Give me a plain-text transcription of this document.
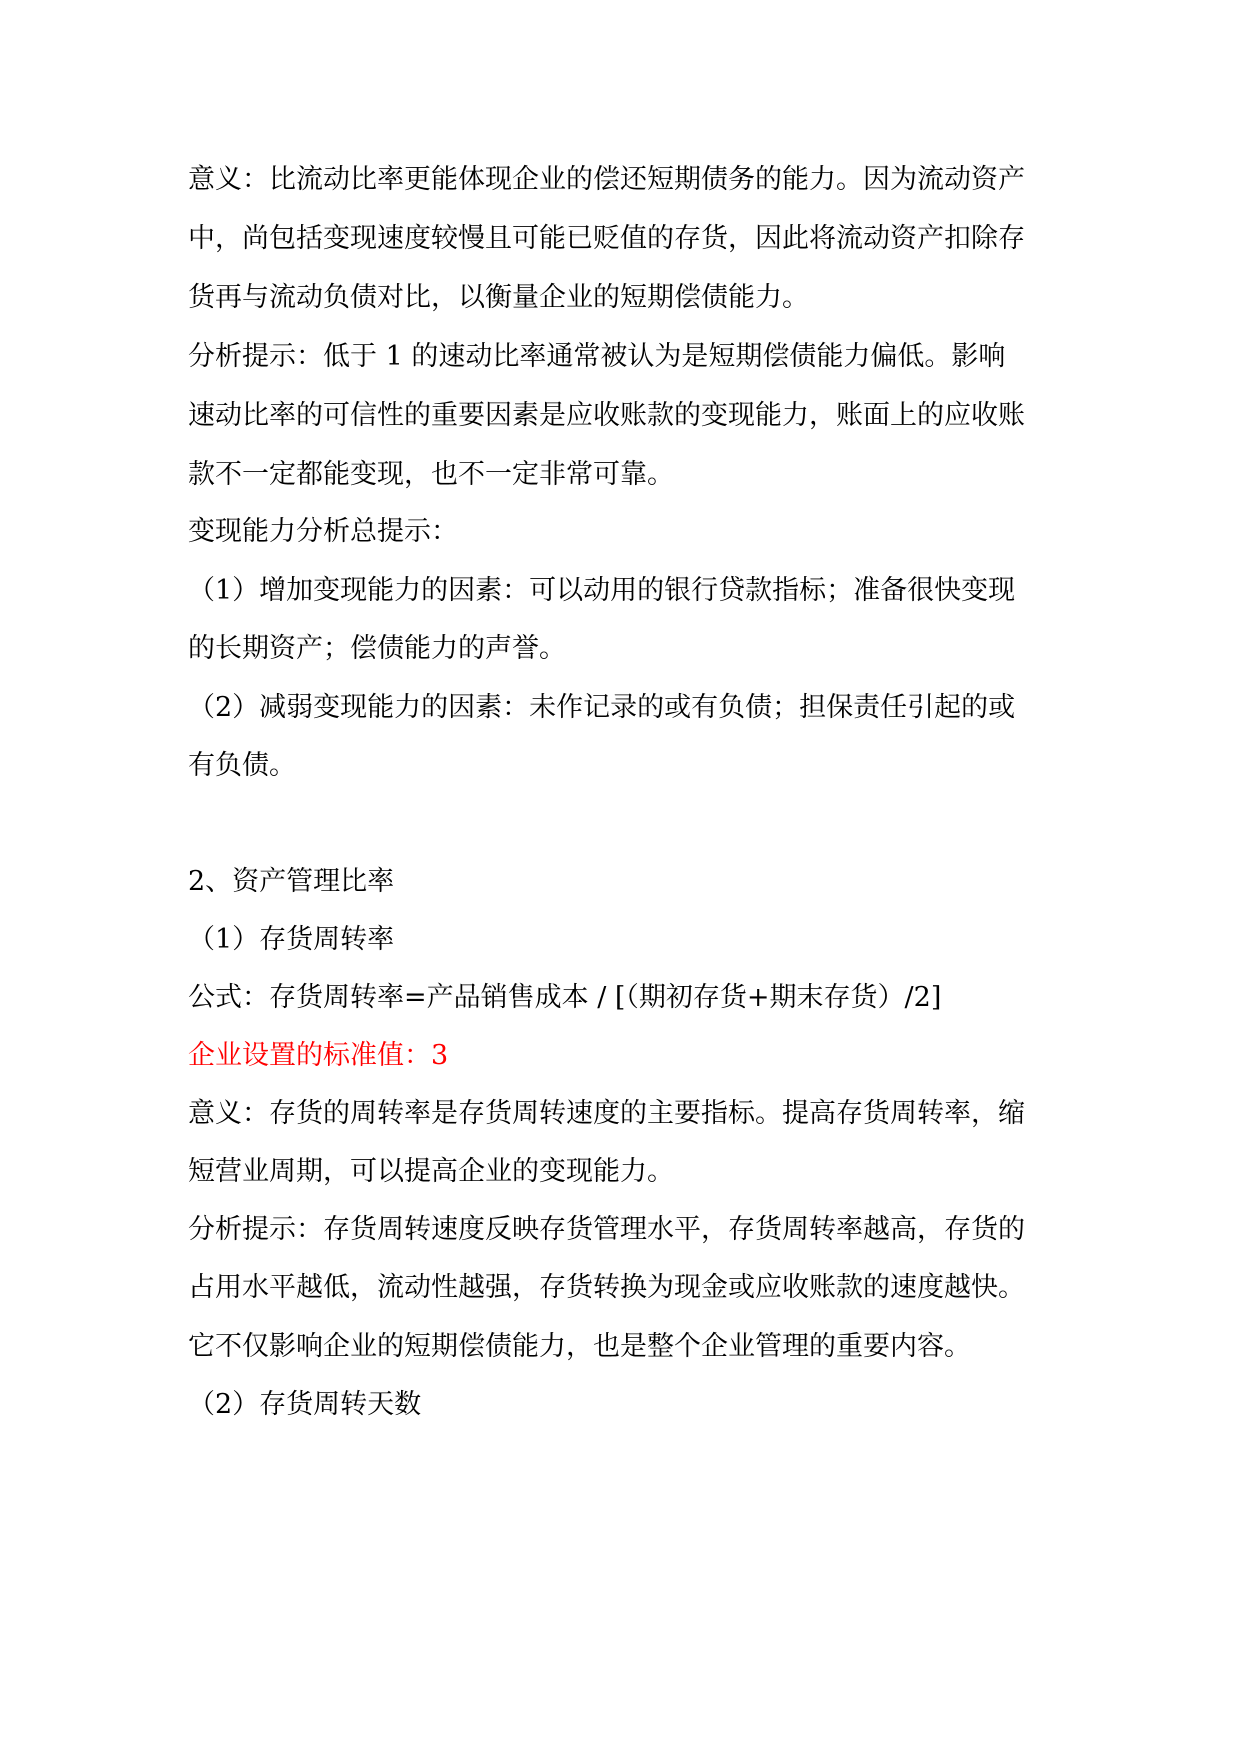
意义：比流动比率更能体现企业的偿还短期债务的能力。因为流动资产
中，尚包括变现速度较慢且可能已贬值的存货，因此将流动资产扣除存
货再与流动负债对比，以衡量企业的短期偿债能力。
分析提示：低于 1 的速动比率通常被认为是短期偿债能力偏低。影响
速动比率的可信性的重要因素是应收账款的变现能力，账面上的应收账
款不一定都能变现，也不一定非常可靠。
变现能力分析总提示：
（1）增加变现能力的因素：可以动用的银行贷款指标；准备很快变现
的长期资产；偿债能力的声誉。
（2）减弱变现能力的因素：未作记录的或有负债；担保责任引起的或
有负债。
2、资产管理比率
（1）存货周转率
公式：存货周转率=产品销售成本 / [（期初存货+期末存货）/2]
企业设置的标准值：3
意义：存货的周转率是存货周转速度的主要指标。提高存货周转率，缩
短营业周期，可以提高企业的变现能力。
分析提示：存货周转速度反映存货管理水平，存货周转率越高，存货的
占用水平越低，流动性越强，存货转换为现金或应收账款的速度越快。
它不仅影响企业的短期偿债能力，也是整个企业管理的重要内容。
（2）存货周转天数
